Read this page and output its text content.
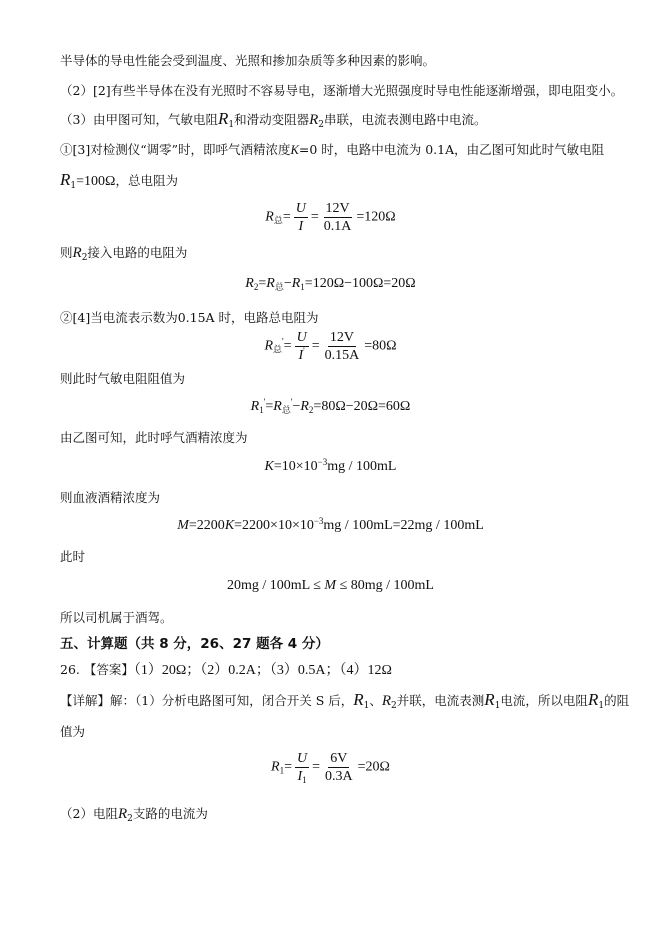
半导体的导电性能会受到温度、光照和掺加杂质等多种因素的影响。
（2）[2]有些半导体在没有光照时不容易导电，逐渐增大光照强度时导电性能逐渐增强，即电阻变小。
（3）由甲图可知，气敏电阻$R_1$和滑动变阻器$R_2$串联，电流表测电路中电流。
①[3]对检测仪“调零”时，即呼气酒精浓度K=0 时，电路中电流为 0.1A，由乙图可知此时气敏电阻
$R_1=100\Omega$，总电阻为
$R_总= \frac{U}{I} = \frac{12V}{0.1A} =120\Omega$
则$R_2$接入电路的电阻为
$R_2=R_总-R_1=120\Omega-100\Omega=20\Omega$
②[4]当电流表示数为0.15A 时，电路总电阻为
$R_总'= \frac{U}{I'} = \frac{12V}{0.15A} =80\Omega$
则此时气敏电阻阻值为
$R_1'=R_总'-R_2=80\Omega-20\Omega=60\Omega$
由乙图可知，此时呼气酒精浓度为
$K=10\times 10^{-3}mg / 100mL$
则血液酒精浓度为
$M=2200K=2200\times 10\times 10^{-3}mg / 100mL=22mg / 100mL$
此时
20mg / 100mL ≤ M ≤ 80mg / 100mL
所以司机属于酒驾。
五、计算题（共 8 分，26、27 题各 4 分）
26. 【答案】（1）20Ω；（2）0.2A；（3）0.5A；（4）12Ω
【详解】解：（1）分析电路图可知，闭合开关 S 后，$R_1$、$R_2$并联，电流表测$R_1$电流，所以电阻$R_1$的阻
值为
$R_1= \frac{U}{I_1} = \frac{6V}{0.3A} =20\Omega$
（2）电阻$R_2$支路的电流为
